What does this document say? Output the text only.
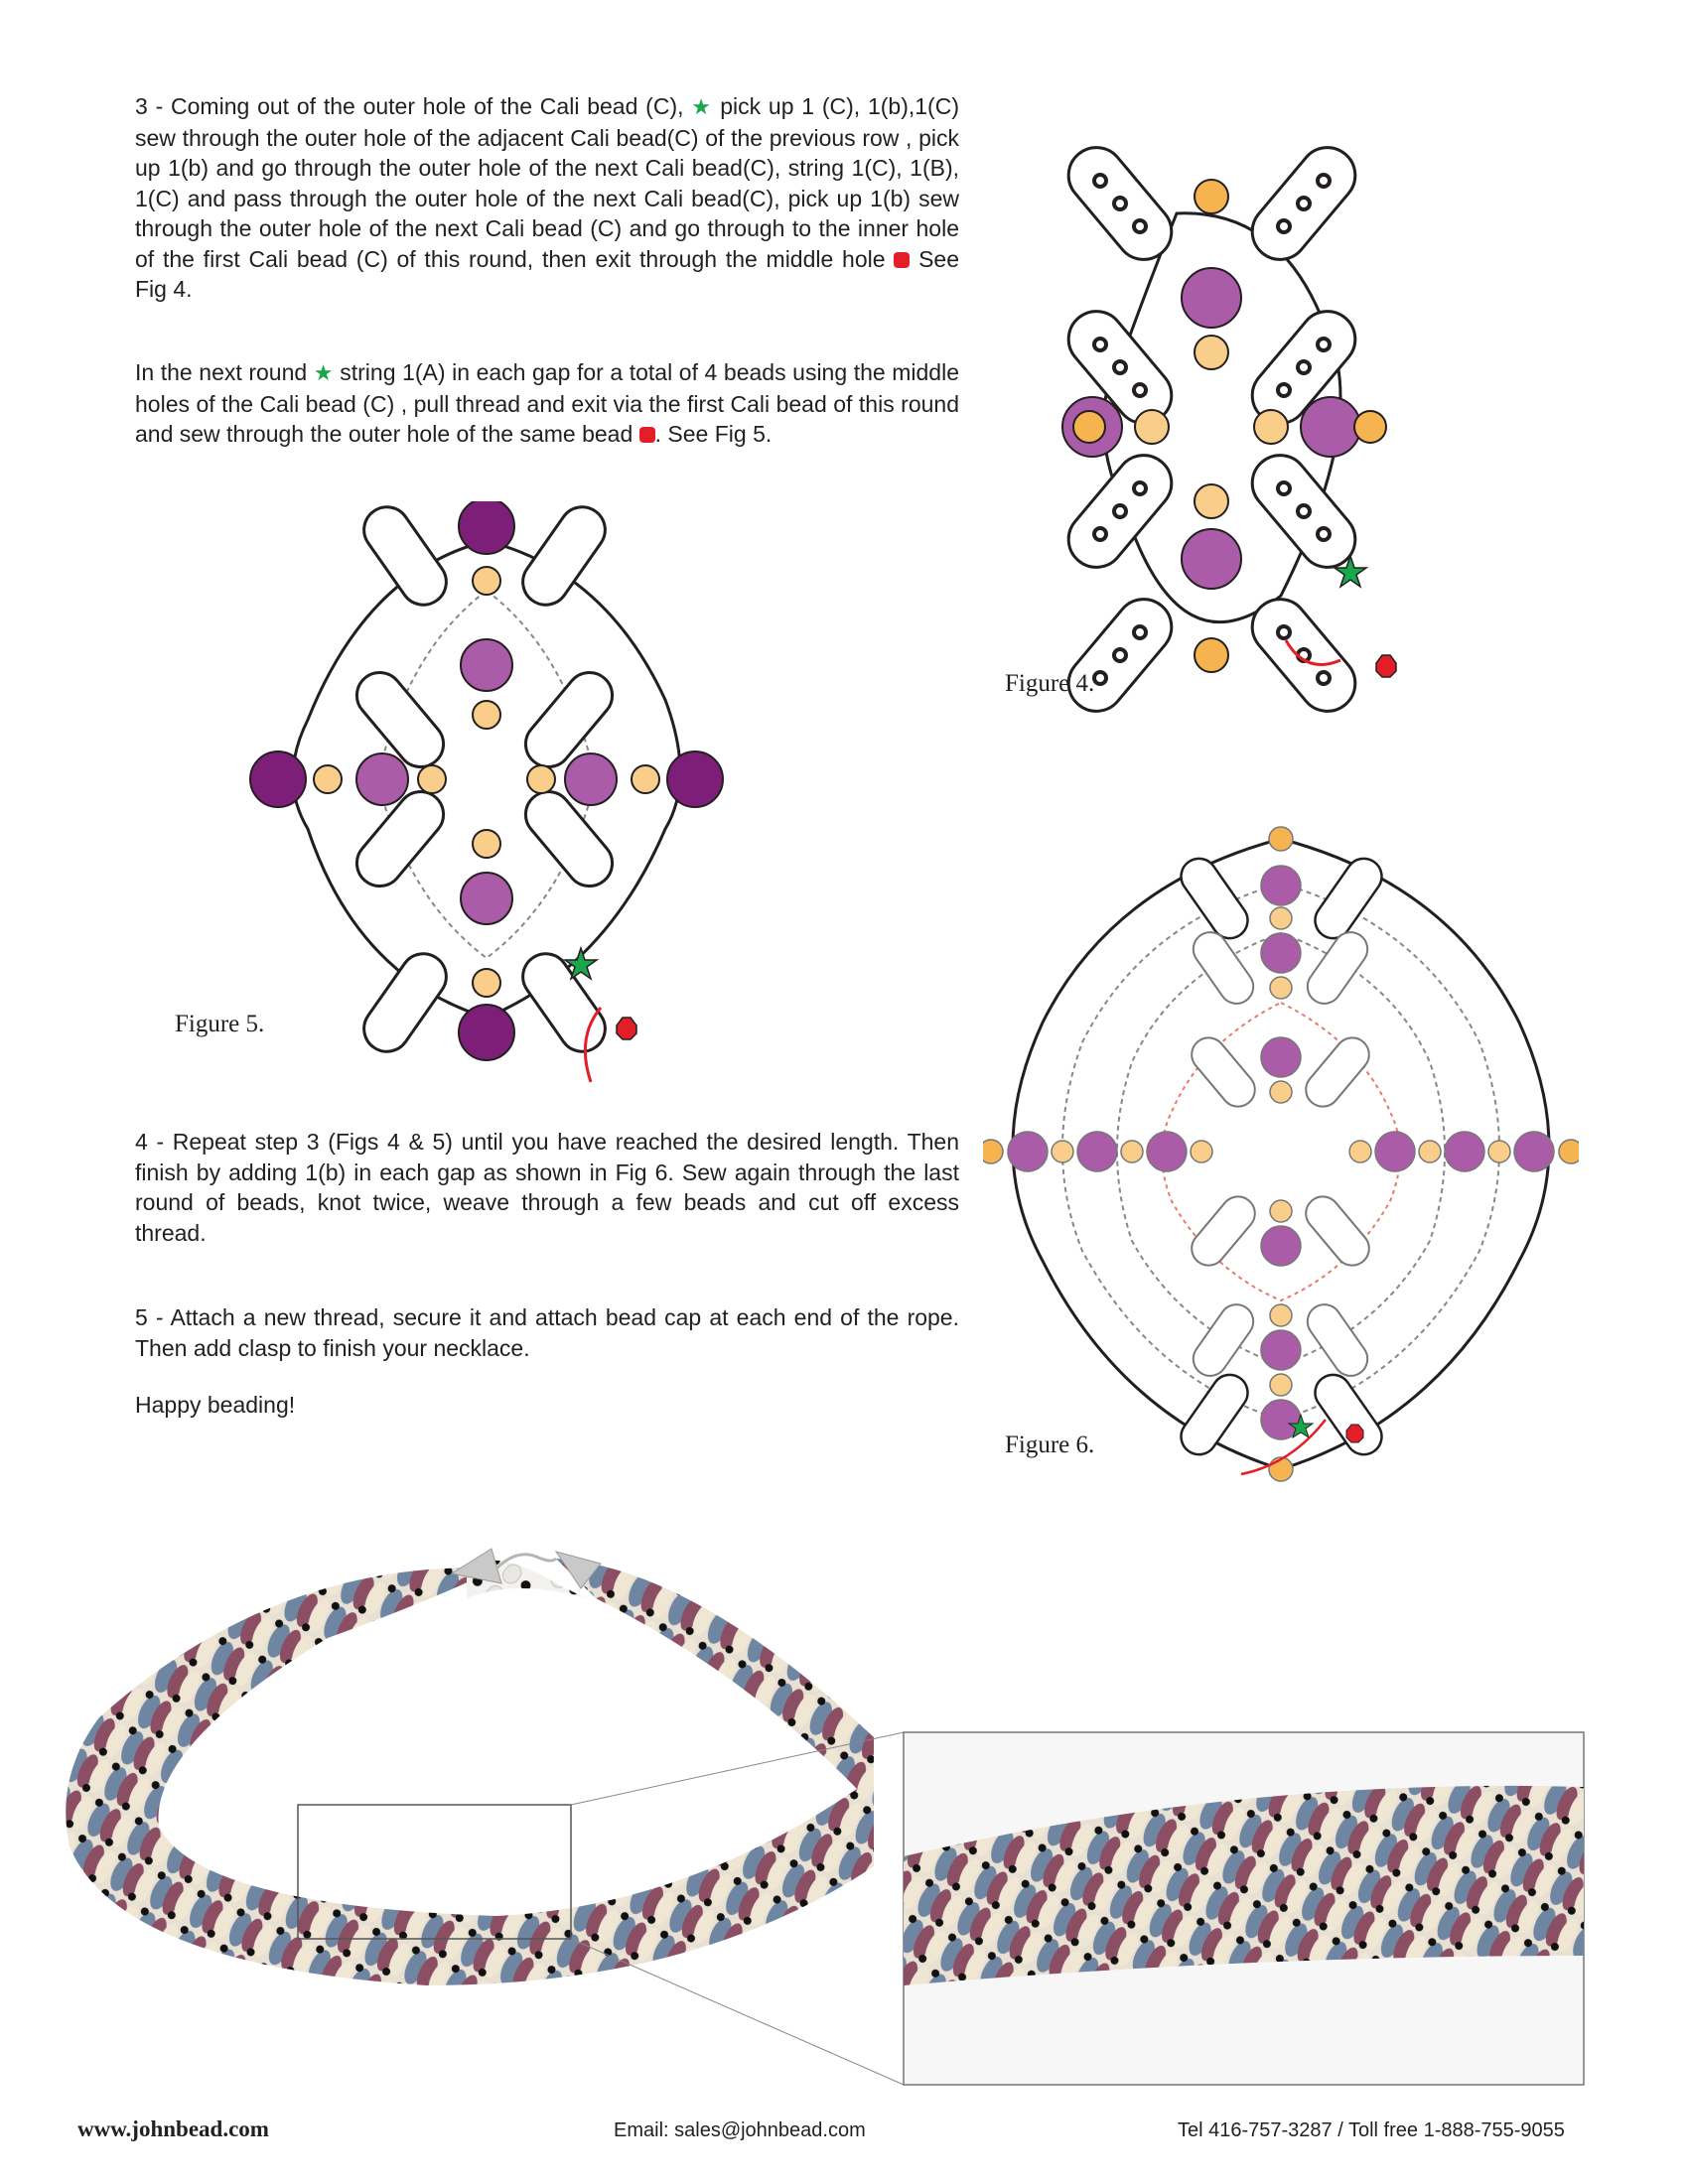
3 - Coming out of the outer hole of the Cali bead (C), ★ pick up 1 (C), 1(b),1(C) sew through the outer hole of the adjacent Cali bead(C) of the previous row , pick up 1(b) and go through the outer hole of the next Cali bead(C), string 1(C), 1(B), 1(C) and pass through the outer hole of the next Cali bead(C), pick up 1(b) sew through the outer hole of the next Cali bead (C) and go through to the inner hole of the first Cali bead (C) of this round, then exit through the middle hole See Fig 4.

In the next round ★ string 1(A) in each gap for a total of 4 beads using the middle holes of the Cali bead (C) , pull thread and exit via the first Cali bead of this round and sew through the outer hole of the same bead . See Fig 5.

4 - Repeat step 3 (Figs 4 & 5) until you have reached the desired length. Then finish by adding 1(b) in each gap as shown in Fig 6. Sew again through the last round of beads, knot twice, weave through a few beads and cut off excess thread.

5 - Attach a new thread, secure it and attach bead cap at each end of the rope. Then add clasp to finish your necklace.

Happy beading!

Figure 4.
Figure 5.
Figure 6.
www.johnbead.com	Email: sales@johnbead.com	Tel 416-757-3287 / Toll free 1-888-755-9055
